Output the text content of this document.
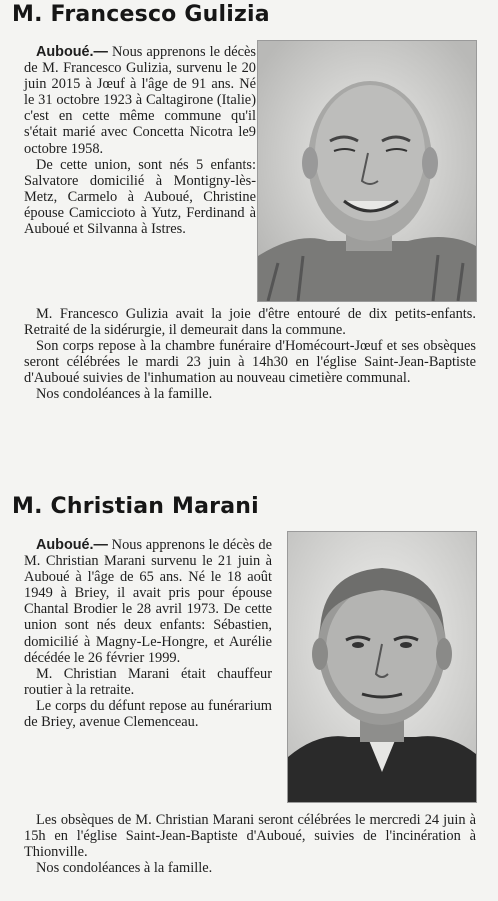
M. Francesco Gulizia

Auboué.— Nous apprenons le décès de M. Francesco Gulizia, survenu le 20 juin 2015 à Jœuf à l'âge de 91 ans. Né le 31 octobre 1923 à Caltagirone (Italie) c'est en cette même commune qu'il s'était marié avec Concetta Nicotra le9 octobre 1958.

De cette union, sont nés 5 enfants: Salvatore domicilié à Montigny-lès-Metz, Carmelo à Auboué, Christine épouse Camiccioto à Yutz, Ferdinand à Auboué et Silvanna à Istres.

M. Francesco Gulizia avait la joie d'être entouré de dix petits-enfants. Retraité de la sidérurgie, il demeurait dans la commune.

Son corps repose à la chambre funéraire d'Homécourt-Jœuf et ses obsèques seront célébrées le mardi 23 juin à 14h30 en l'église Saint-Jean-Baptiste d'Auboué suivies de l'inhumation au nouveau cimetière communal.

Nos condoléances à la famille.

M. Christian Marani

Auboué.— Nous apprenons le décès de M. Christian Marani survenu le 21 juin à Auboué à l'âge de 65 ans. Né le 18 août 1949 à Briey, il avait pris pour épouse Chantal Brodier le 28 avril 1973. De cette union sont nés deux enfants: Sébastien, domicilié à Magny-Le-Hongre, et Aurélie décédée le 26 février 1999.

M. Christian Marani était chauffeur routier à la retraite.

Le corps du défunt repose au funérarium de Briey, avenue Clemenceau.

Les obsèques de M. Christian Marani seront célébrées le mercredi 24 juin à 15h en l'église Saint-Jean-Baptiste d'Auboué, suivies de l'incinération à Thionville.

Nos condoléances à la famille.
